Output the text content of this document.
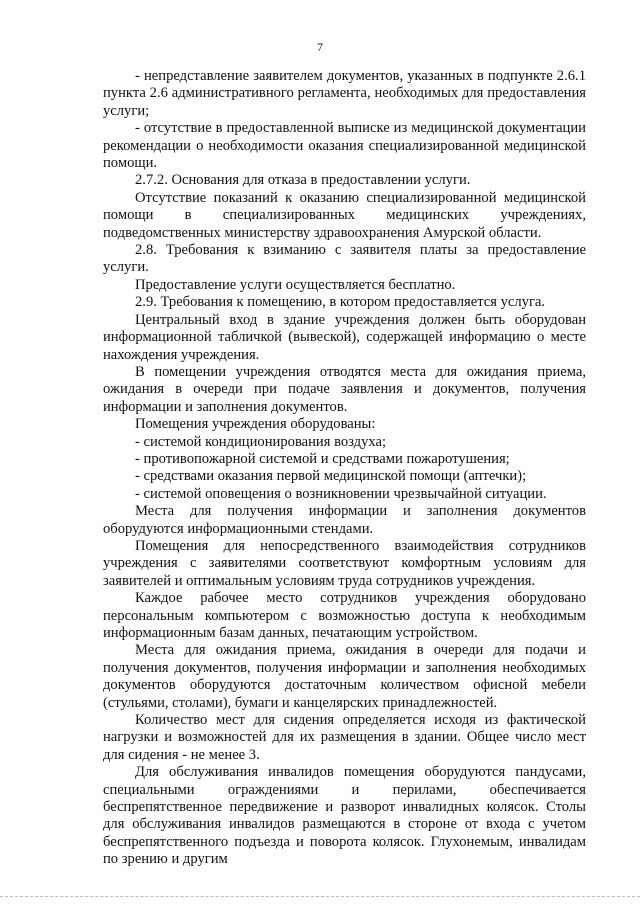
7

- непредставление заявителем документов, указанных в подпункте 2.6.1 пункта 2.6 административного регламента, необходимых для предоставления услуги;

- отсутствие в предоставленной выписке из медицинской документации рекомендации о необходимости оказания специализированной медицинской помощи.

2.7.2. Основания для отказа в предоставлении услуги.

Отсутствие показаний к оказанию специализированной медицинской помощи в специализированных медицинских учреждениях, подведомственных министерству здравоохранения Амурской области.

2.8. Требования к взиманию с заявителя платы за предоставление услуги.

Предоставление услуги осуществляется бесплатно.

2.9. Требования к помещению, в котором предоставляется услуга.

Центральный вход в здание учреждения должен быть оборудован информационной табличкой (вывеской), содержащей информацию о месте нахождения учреждения.

В помещении учреждения отводятся места для ожидания приема, ожидания в очереди при подаче заявления и документов, получения информации и заполнения документов.

Помещения учреждения оборудованы:

- системой кондиционирования воздуха;

- противопожарной системой и средствами пожаротушения;

- средствами оказания первой медицинской помощи (аптечки);

- системой оповещения о возникновении чрезвычайной ситуации.

Места для получения информации и заполнения документов оборудуются информационными стендами.

Помещения для непосредственного взаимодействия сотрудников учреждения с заявителями соответствуют комфортным условиям для заявителей и оптимальным условиям труда сотрудников учреждения.

Каждое рабочее место сотрудников учреждения оборудовано персональным компьютером с возможностью доступа к необходимым информационным базам данных, печатающим устройством.

Места для ожидания приема, ожидания в очереди для подачи и получения документов, получения информации и заполнения необходимых документов оборудуются достаточным количеством офисной мебели (стульями, столами), бумаги и канцелярских принадлежностей.

Количество мест для сидения определяется исходя из фактической нагрузки и возможностей для их размещения в здании. Общее число мест для сидения - не менее 3.

Для обслуживания инвалидов помещения оборудуются пандусами, специальными ограждениями и перилами, обеспечивается беспрепятственное передвижение и разворот инвалидных колясок. Столы для обслуживания инвалидов размещаются в стороне от входа с учетом беспрепятственного подъезда и поворота колясок. Глухонемым, инвалидам по зрению и другим
